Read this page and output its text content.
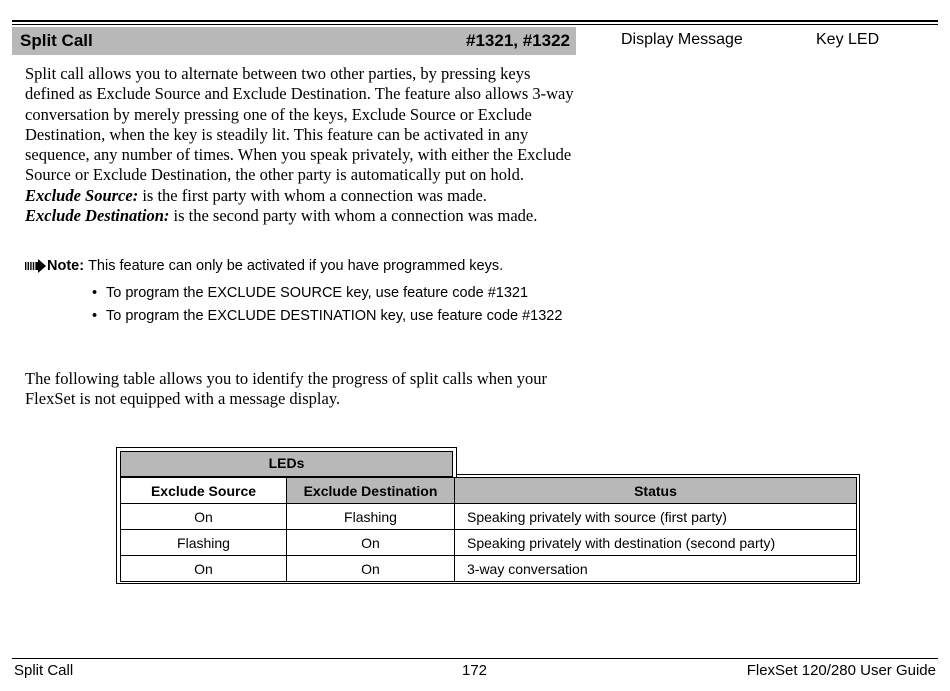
Split Call	#1321, #1322	Display Message	Key LED

Split call allows you to alternate between two other parties, by pressing keys defined as Exclude Source and Exclude Destination. The feature also allows 3-way conversation by merely pressing one of the keys, Exclude Source or Exclude Destination, when the key is steadily lit. This feature can be activated in any sequence, any number of times. When you speak privately, with either the Exclude Source or Exclude Destination, the other party is automatically put on hold.

Exclude Source: is the first party with whom a connection was made.

Exclude Destination: is the second party with whom a connection was made.

Note: This feature can only be activated if you have programmed keys.
• To program the EXCLUDE SOURCE key, use feature code #1321
• To program the EXCLUDE DESTINATION key, use feature code #1322
The following table allows you to identify the progress of split calls when your FlexSet is not equipped with a message display.
LEDs
Exclude Source	Exclude Destination	Status
On	Flashing	Speaking privately with source (first party)
Flashing	On	Speaking privately with destination (second party)
On	On	3-way conversation
Split Call	172	FlexSet 120/280 User Guide
